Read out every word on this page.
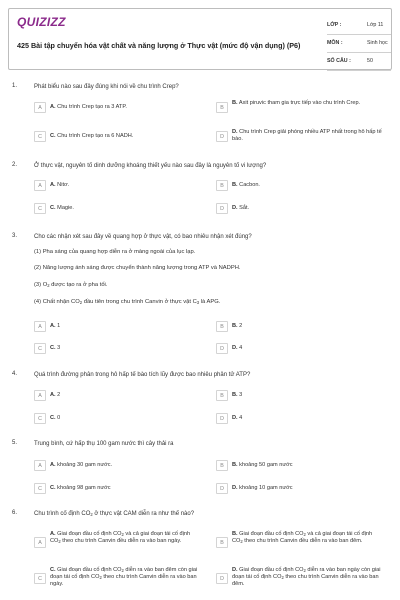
QUIZIZZ
425 Bài tập chuyển hóa vật chất và năng lượng ở Thực vật (mức độ vận dụng) (P6)
LỚP :	Lớp 11
MÔN :	Sinh học
SỐ CÂU :	50
1.	Phát biểu nào sau đây đúng khi nói về chu trình Crep?
A	A. Chu trình Crep tạo ra 3 ATP.	B
B. Axit piruvic tham gia trực tiếp vào chu trình Crep.
C	C. Chu trình Crep tạo ra 6 NADH.	D
D. Chu trình Crep giải phóng nhiều ATP nhất trong hô hấp tế bào.
2.	Ở thực vật, nguyên tố dinh dưỡng khoáng thiết yếu nào sau đây là nguyên tố vi lượng?
A	A. Nitơ.	B	B. Cacbon.
C	C. Magie.	D	D. Sắt.
3.	Cho các nhận xét sau đây về quang hợp ở thực vật, có bao nhiêu nhận xét đúng?
(1) Pha sáng của quang hợp diễn ra ở màng ngoài của lục lạp.
(2) Năng lượng ánh sáng được chuyển thành năng lượng trong ATP và NADPH.
(3) $O_2$ được tạo ra ở pha tối.
(4) Chất nhận $CO_2$ đầu tiên trong chu trình Canvin ở thực vật $C_3$ là APG.
A	A. 1	B	B. 2
C	C. 3	D	D. 4
4.	Quá trình đường phân trong hô hấp tế bào tích lũy được bao nhiêu phân tử ATP?
A	A. 2	B	B. 3
C	C. 0	D	D. 4
5.	Trung bình, cứ hấp thụ 100 gam nước thì cây thải ra
A	A. khoảng 30 gam nước.	B	B. khoảng 50 gam nước
C	C. khoảng 98 gam nước	D	D. khoảng 10 gam nước
6.	Chu trình cố định $CO_2$ ở thực vật CAM diễn ra như thế nào?
A
A. Giai đoạn đầu cố định $CO_2$ và cả giai đoạn tái cố định $CO_2$ theo chu trình Canvin đều diễn ra vào ban ngày.	B
B. Giai đoạn đầu cố định $CO_2$ và cả giai đoạn tái cố định $CO_2$ theo chu trình Canvin đều diễn ra vào ban đêm.
C
C. Giai đoạn đầu cố định $CO_2$ diễn ra vào ban đêm còn giai đoạn tái cố định $CO_2$ theo chu trình Canvin diễn ra vào ban ngày.
D
D. Giai đoạn đầu cố định $CO_2$ diễn ra vào ban ngày còn giai đoạn tái cố định $CO_2$ theo chu trình Canvin diễn ra vào ban đêm.
